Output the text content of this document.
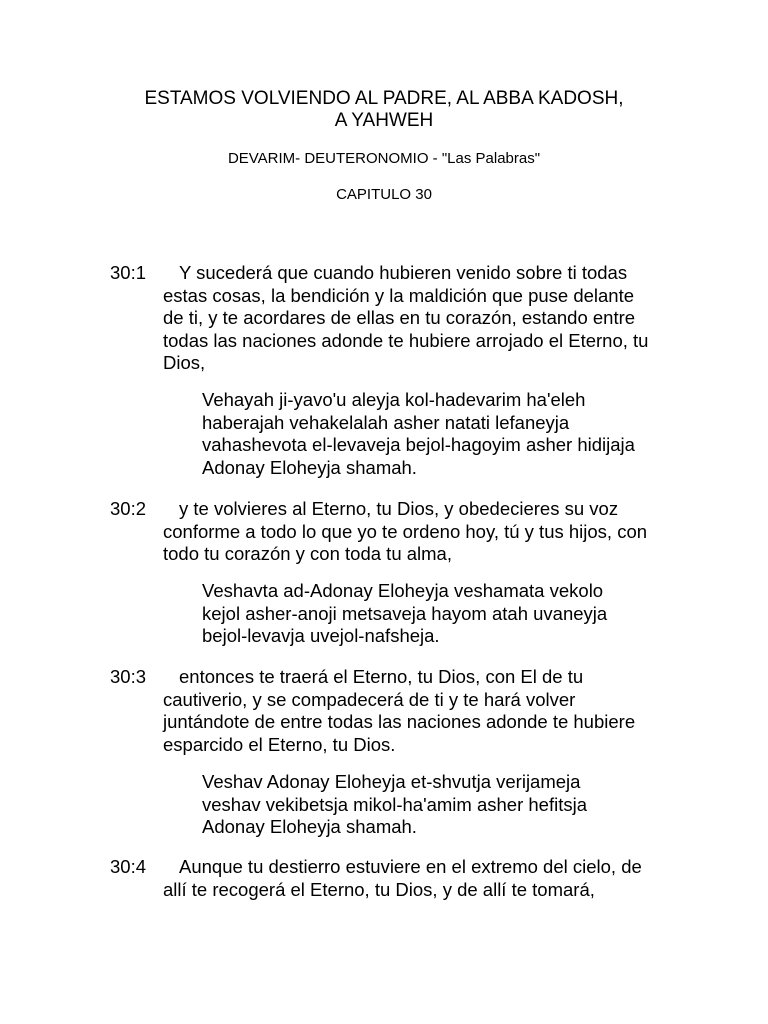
ESTAMOS VOLVIENDO AL PADRE, AL ABBA KADOSH,
A YAHWEH
DEVARIM- DEUTERONOMIO - "Las Palabras"
CAPITULO 30
30:1	Y sucederá que cuando hubieren venido sobre ti todas estas cosas, la bendición y la maldición que puse delante de ti, y te acordares de ellas en tu corazón, estando entre todas las naciones adonde te hubiere arrojado el Eterno, tu Dios,
Vehayah ji-yavo'u aleyja kol-hadevarim ha'eleh haberajah vehakelalah asher natati lefaneyja vahashevota el-levaveja bejol-hagoyim asher hidijaja Adonay Eloheyja shamah.
30:2	y te volvieres al Eterno, tu Dios, y obedecieres su voz conforme a todo lo que yo te ordeno hoy, tú y tus hijos, con todo tu corazón y con toda tu alma,
Veshavta ad-Adonay Eloheyja veshamata vekolo kejol asher-anoji metsaveja hayom atah uvaneyja bejol-levavja uvejol-nafsheja.
30:3	entonces te traerá el Eterno, tu Dios, con El de tu cautiverio, y se compadecerá de ti y te hará volver juntándote de entre todas las naciones adonde te hubiere esparcido el Eterno, tu Dios.
Veshav Adonay Eloheyja et-shvutja verijameja veshav vekibetsja mikol-ha'amim asher hefitsja Adonay Eloheyja shamah.
30:4	Aunque tu destierro estuviere en el extremo del cielo, de allí te recogerá el Eterno, tu Dios, y de allí te tomará,
